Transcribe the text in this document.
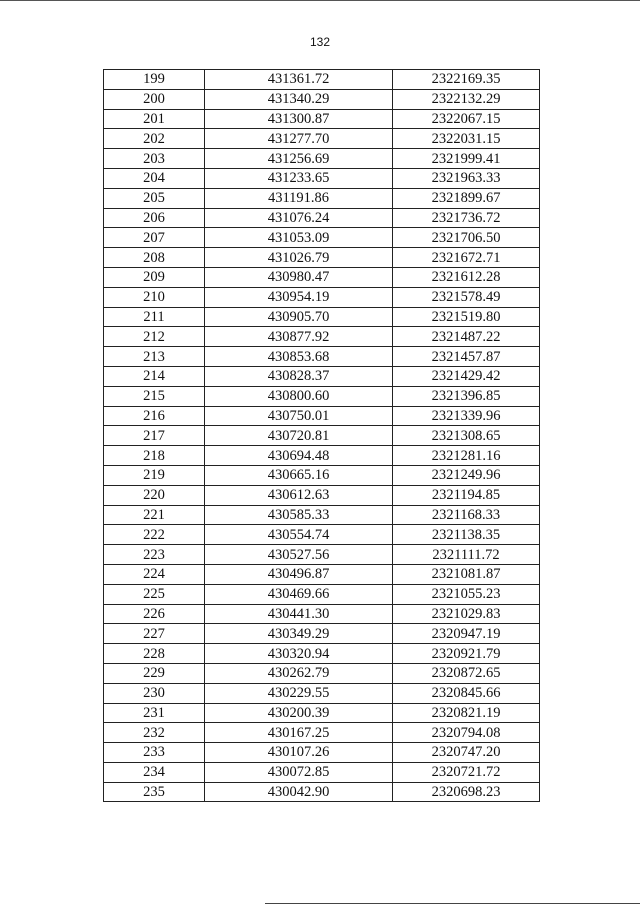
132
199	431361.72	2322169.35
200	431340.29	2322132.29
201	431300.87	2322067.15
202	431277.70	2322031.15
203	431256.69	2321999.41
204	431233.65	2321963.33
205	431191.86	2321899.67
206	431076.24	2321736.72
207	431053.09	2321706.50
208	431026.79	2321672.71
209	430980.47	2321612.28
210	430954.19	2321578.49
211	430905.70	2321519.80
212	430877.92	2321487.22
213	430853.68	2321457.87
214	430828.37	2321429.42
215	430800.60	2321396.85
216	430750.01	2321339.96
217	430720.81	2321308.65
218	430694.48	2321281.16
219	430665.16	2321249.96
220	430612.63	2321194.85
221	430585.33	2321168.33
222	430554.74	2321138.35
223	430527.56	2321111.72
224	430496.87	2321081.87
225	430469.66	2321055.23
226	430441.30	2321029.83
227	430349.29	2320947.19
228	430320.94	2320921.79
229	430262.79	2320872.65
230	430229.55	2320845.66
231	430200.39	2320821.19
232	430167.25	2320794.08
233	430107.26	2320747.20
234	430072.85	2320721.72
235	430042.90	2320698.23
